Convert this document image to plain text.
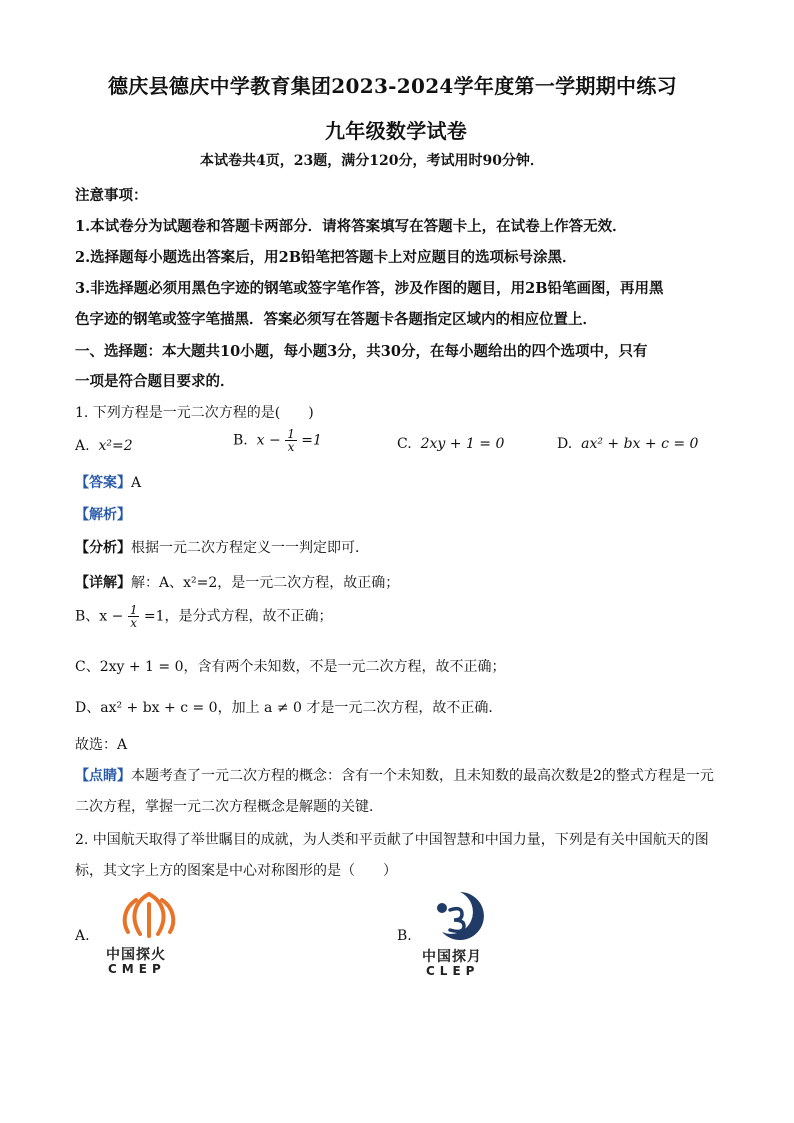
德庆县德庆中学教育集团2023-2024学年度第一学期期中练习
九年级数学试卷
本试卷共4页，23题，满分120分，考试用时90分钟．
注意事项：
1.本试卷分为试题卷和答题卡两部分．请将答案填写在答题卡上，在试卷上作答无效．
2.选择题每小题选出答案后，用2B铅笔把答题卡上对应题目的选项标号涂黑．
3.非选择题必须用黑色字迹的钢笔或签字笔作答，涉及作图的题目，用2B铅笔画图，再用黑
色字迹的钢笔或签字笔描黑．答案必须写在答题卡各题指定区域内的相应位置上．
一、选择题：本大题共10小题，每小题3分，共30分，在每小题给出的四个选项中，只有
一项是符合题目要求的．
1. 下列方程是一元二次方程的是(　　)
A. x²=2	B. $x - \frac{1}{x} =1$	C. 2xy + 1 = 0	D. ax² + bx + c = 0
【答案】A
【解析】
【分析】根据一元二次方程定义一一判定即可．
【详解】解：A、x²=2，是一元二次方程，故正确；
B、$x - \frac{1}{x} =1$，是分式方程，故不正确；
C、2xy + 1 = 0，含有两个未知数，不是一元二次方程，故不正确；
D、ax² + bx + c = 0，加上 a ≠ 0 才是一元二次方程，故不正确．
故选：A
【点睛】本题考查了一元二次方程的概念：含有一个未知数，且未知数的最高次数是2的整式方程是一元
二次方程，掌握一元二次方程概念是解题的关键．
2. 中国航天取得了举世瞩目的成就，为人类和平贡献了中国智慧和中国力量，下列是有关中国航天的图
标，其文字上方的图案是中心对称图形的是（　　）
A.
中国探火
CMEP
B.
中国探月
CLEP
